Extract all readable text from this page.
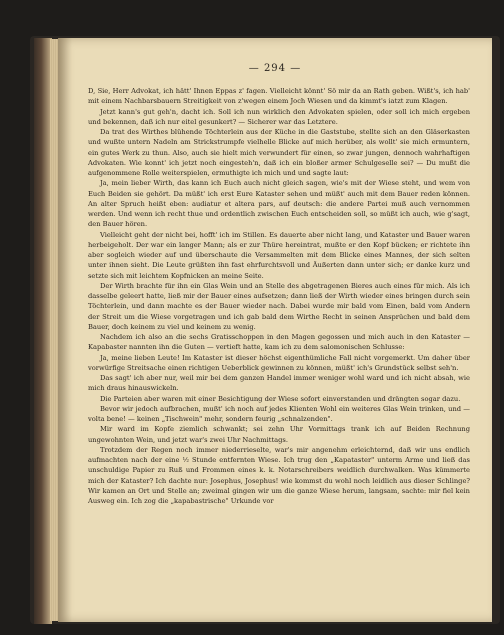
— 294 —

D, Sie, Herr Advokat, ich hätt' Ihnen Eppas z' fagen. Vielleicht könnt' Sö mir da an Rath geben. Wißt's, ich hab' mit einem Nachbarsbauern Streitigkeit von z'wegen einem Joch Wiesen und da kimmt's iatzt zum Klagen.

Jetzt kann's gut geh'n, dacht ich. Soll ich nun wirklich den Advokaten spielen, oder soll ich mich ergeben und bekennen, daß ich nur eitel gesunkert? — Sicherer war das Letztere.

Da trat des Wirthes blühende Töchterlein aus der Küche in die Gaststube, stellte sich an den Gläserkasten und wußte untern Nadeln am Strickstrumpfe vielhelle Blicke auf mich herüber, als wollt' sie mich ermuntern, ein gutes Werk zu thun. Also, auch sie hielt mich verwundert für einen, so zwar jungen, dennoch wahrhaftigen Advokaten. Wie konnt' ich jetzt noch eingesteh'n, daß ich ein bloßer armer Schulgeselle sei? — Du mußt die aufgenommene Rolle weiterspielen, ermuthigte ich mich und und sagte laut:

Ja, mein lieber Wirth, das kann ich Euch auch nicht gleich sagen, wie's mit der Wiese steht, und wem von Euch Beiden sie gehört. Da müßt' ich erst Eure Kataster sehen und müßt' auch mit dem Bauer reden können. An alter Spruch heißt eben: audiatur et altera pars, auf deutsch: die andere Partei muß auch vernommen werden. Und wenn ich recht thue und ordentlich zwischen Euch entscheiden soll, so müßt ich auch, wie g'sagt, den Bauer hören.

Vielleicht geht der nicht bei, hofft' ich im Stillen. Es dauerte aber nicht lang, und Kataster und Bauer waren herbeigeholt. Der war ein langer Mann; als er zur Thüre hereintrat, mußte er den Kopf bücken; er richtete ihn aber sogleich wieder auf und überschaute die Versammelten mit dem Blicke eines Mannes, der sich selten unter ihnen sieht. Die Leute grüßten ihn fast ehrfurchtsvoll und Äußerten dann unter sich; er danke kurz und setzte sich mit leichtem Kopfnicken an meine Seite.

Der Wirth brachte für ihn ein Glas Wein und an Stelle des abgetragenen Bieres auch eines für mich. Als ich dasselbe geleert hatte, ließ mir der Bauer eines aufsetzen; dann ließ der Wirth wieder eines bringen durch sein Töchterlein, und dann machte es der Bauer wieder nach. Dabei wurde mir bald vom Einen, bald vom Andern der Streit um die Wiese vorgetragen und ich gab bald dem Wirthe Recht in seinen Ansprüchen und bald dem Bauer, doch keinem zu viel und keinem zu wenig.

Nachdem ich also an die sechs Gratisschoppen in den Magen gegossen und mich auch in den Kataster — Kapabaster nannten ihn die Guten — vertieft hatte, kam ich zu dem salomonischen Schlusse:

Ja, meine lieben Leute! Im Kataster ist dieser höchst eigenthümliche Fall nicht vorgemerkt. Um daher über vorwürfige Streitsache einen richtigen Ueberblick gewinnen zu können, müßt' ich's Grundstück selbst seh'n.

Das sagt' ich aber nur, weil mir bei dem ganzen Handel immer weniger wohl ward und ich nicht absah, wie mich draus hinauswickeln.

Die Parteien aber waren mit einer Besichtigung der Wiese sofort einverstanden und drängten sogar dazu.

Bevor wir jedoch aufbrachen, mußt' ich noch auf jedes Klienten Wohl ein weiteres Glas Wein trinken, und — volta bene! — keinen „Tischwein" mehr, sondern feurig „schnalzenden".

Mir ward im Kopfe ziemlich schwankt; sei zehn Uhr Vormittags trank ich auf Beiden Rechnung ungewohnten Wein, und jetzt war's zwei Uhr Nachmittags.

Trotzdem der Regen noch immer niederrieselte, war's mir angenehm erleichternd, daß wir uns endlich aufmachten nach der eine ½ Stunde entfernten Wiese. Ich trug den „Kapataster" unterm Arme und ließ das unschuldige Papier zu Ruß und Frommen eines k. k. Notarschreibers weidlich durchwalken. Was kümmerte mich der Kataster? Ich dachte nur: Josephus, Josephus! wie kommst du wohl noch leidlich aus dieser Schlinge? Wir kamen an Ort und Stelle an; zweimal gingen wir um die ganze Wiese herum, langsam, sachte: mir fiel kein Ausweg ein. Ich zog die „kapabastrische" Urkunde vor
